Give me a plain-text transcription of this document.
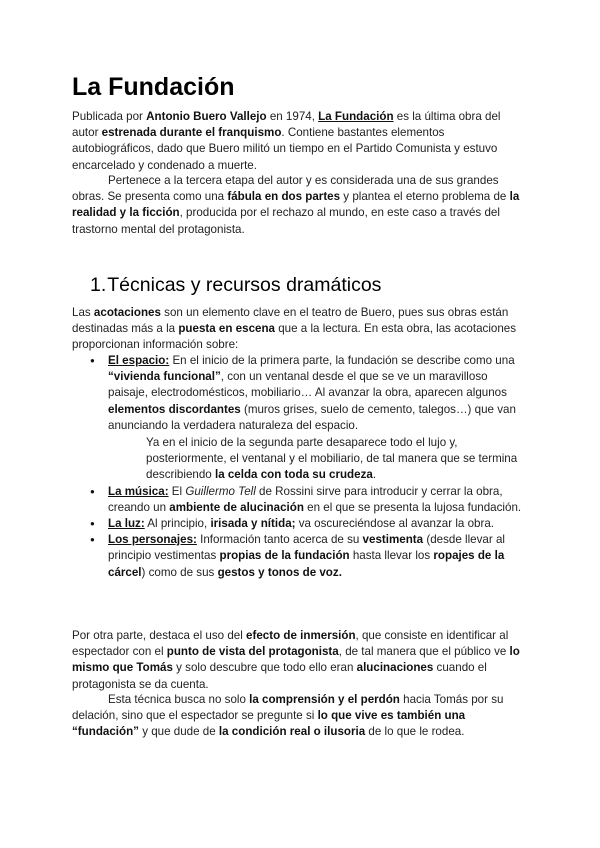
La Fundación

Publicada por Antonio Buero Vallejo en 1974, La Fundación es la última obra del autor estrenada durante el franquismo. Contiene bastantes elementos autobiográficos, dado que Buero militó un tiempo en el Partido Comunista y estuvo encarcelado y condenado a muerte.

Pertenece a la tercera etapa del autor y es considerada una de sus grandes obras. Se presenta como una fábula en dos partes y plantea el eterno problema de la realidad y la ficción, producida por el rechazo al mundo, en este caso a través del trastorno mental del protagonista.

1.Técnicas y recursos dramáticos

Las acotaciones son un elemento clave en el teatro de Buero, pues sus obras están destinadas más a la puesta en escena que a la lectura. En esta obra, las acotaciones proporcionan información sobre:

● El espacio: En el inicio de la primera parte, la fundación se describe como una “vivienda funcional”, con un ventanal desde el que se ve un maravilloso paisaje, electrodomésticos, mobiliario… Al avanzar la obra, aparecen algunos elementos discordantes (muros grises, suelo de cemento, talegos…) que van anunciando la verdadera naturaleza del espacio.

Ya en el inicio de la segunda parte desaparece todo el lujo y, posteriormente, el ventanal y el mobiliario, de tal manera que se termina describiendo la celda con toda su crudeza.

● La música: El Guillermo Tell de Rossini sirve para introducir y cerrar la obra, creando un ambiente de alucinación en el que se presenta la lujosa fundación.
● La luz: Al principio, irisada y nítida; va oscureciéndose al avanzar la obra.
● Los personajes: Información tanto acerca de su vestimenta (desde llevar al principio vestimentas propias de la fundación hasta llevar los ropajes de la cárcel) como de sus gestos y tonos de voz.

Por otra parte, destaca el uso del efecto de inmersión, que consiste en identificar al espectador con el punto de vista del protagonista, de tal manera que el público ve lo mismo que Tomás y solo descubre que todo ello eran alucinaciones cuando el protagonista se da cuenta.

Esta técnica busca no solo la comprensión y el perdón hacia Tomás por su delación, sino que el espectador se pregunte si lo que vive es también una “fundación” y que dude de la condición real o ilusoria de lo que le rodea.
